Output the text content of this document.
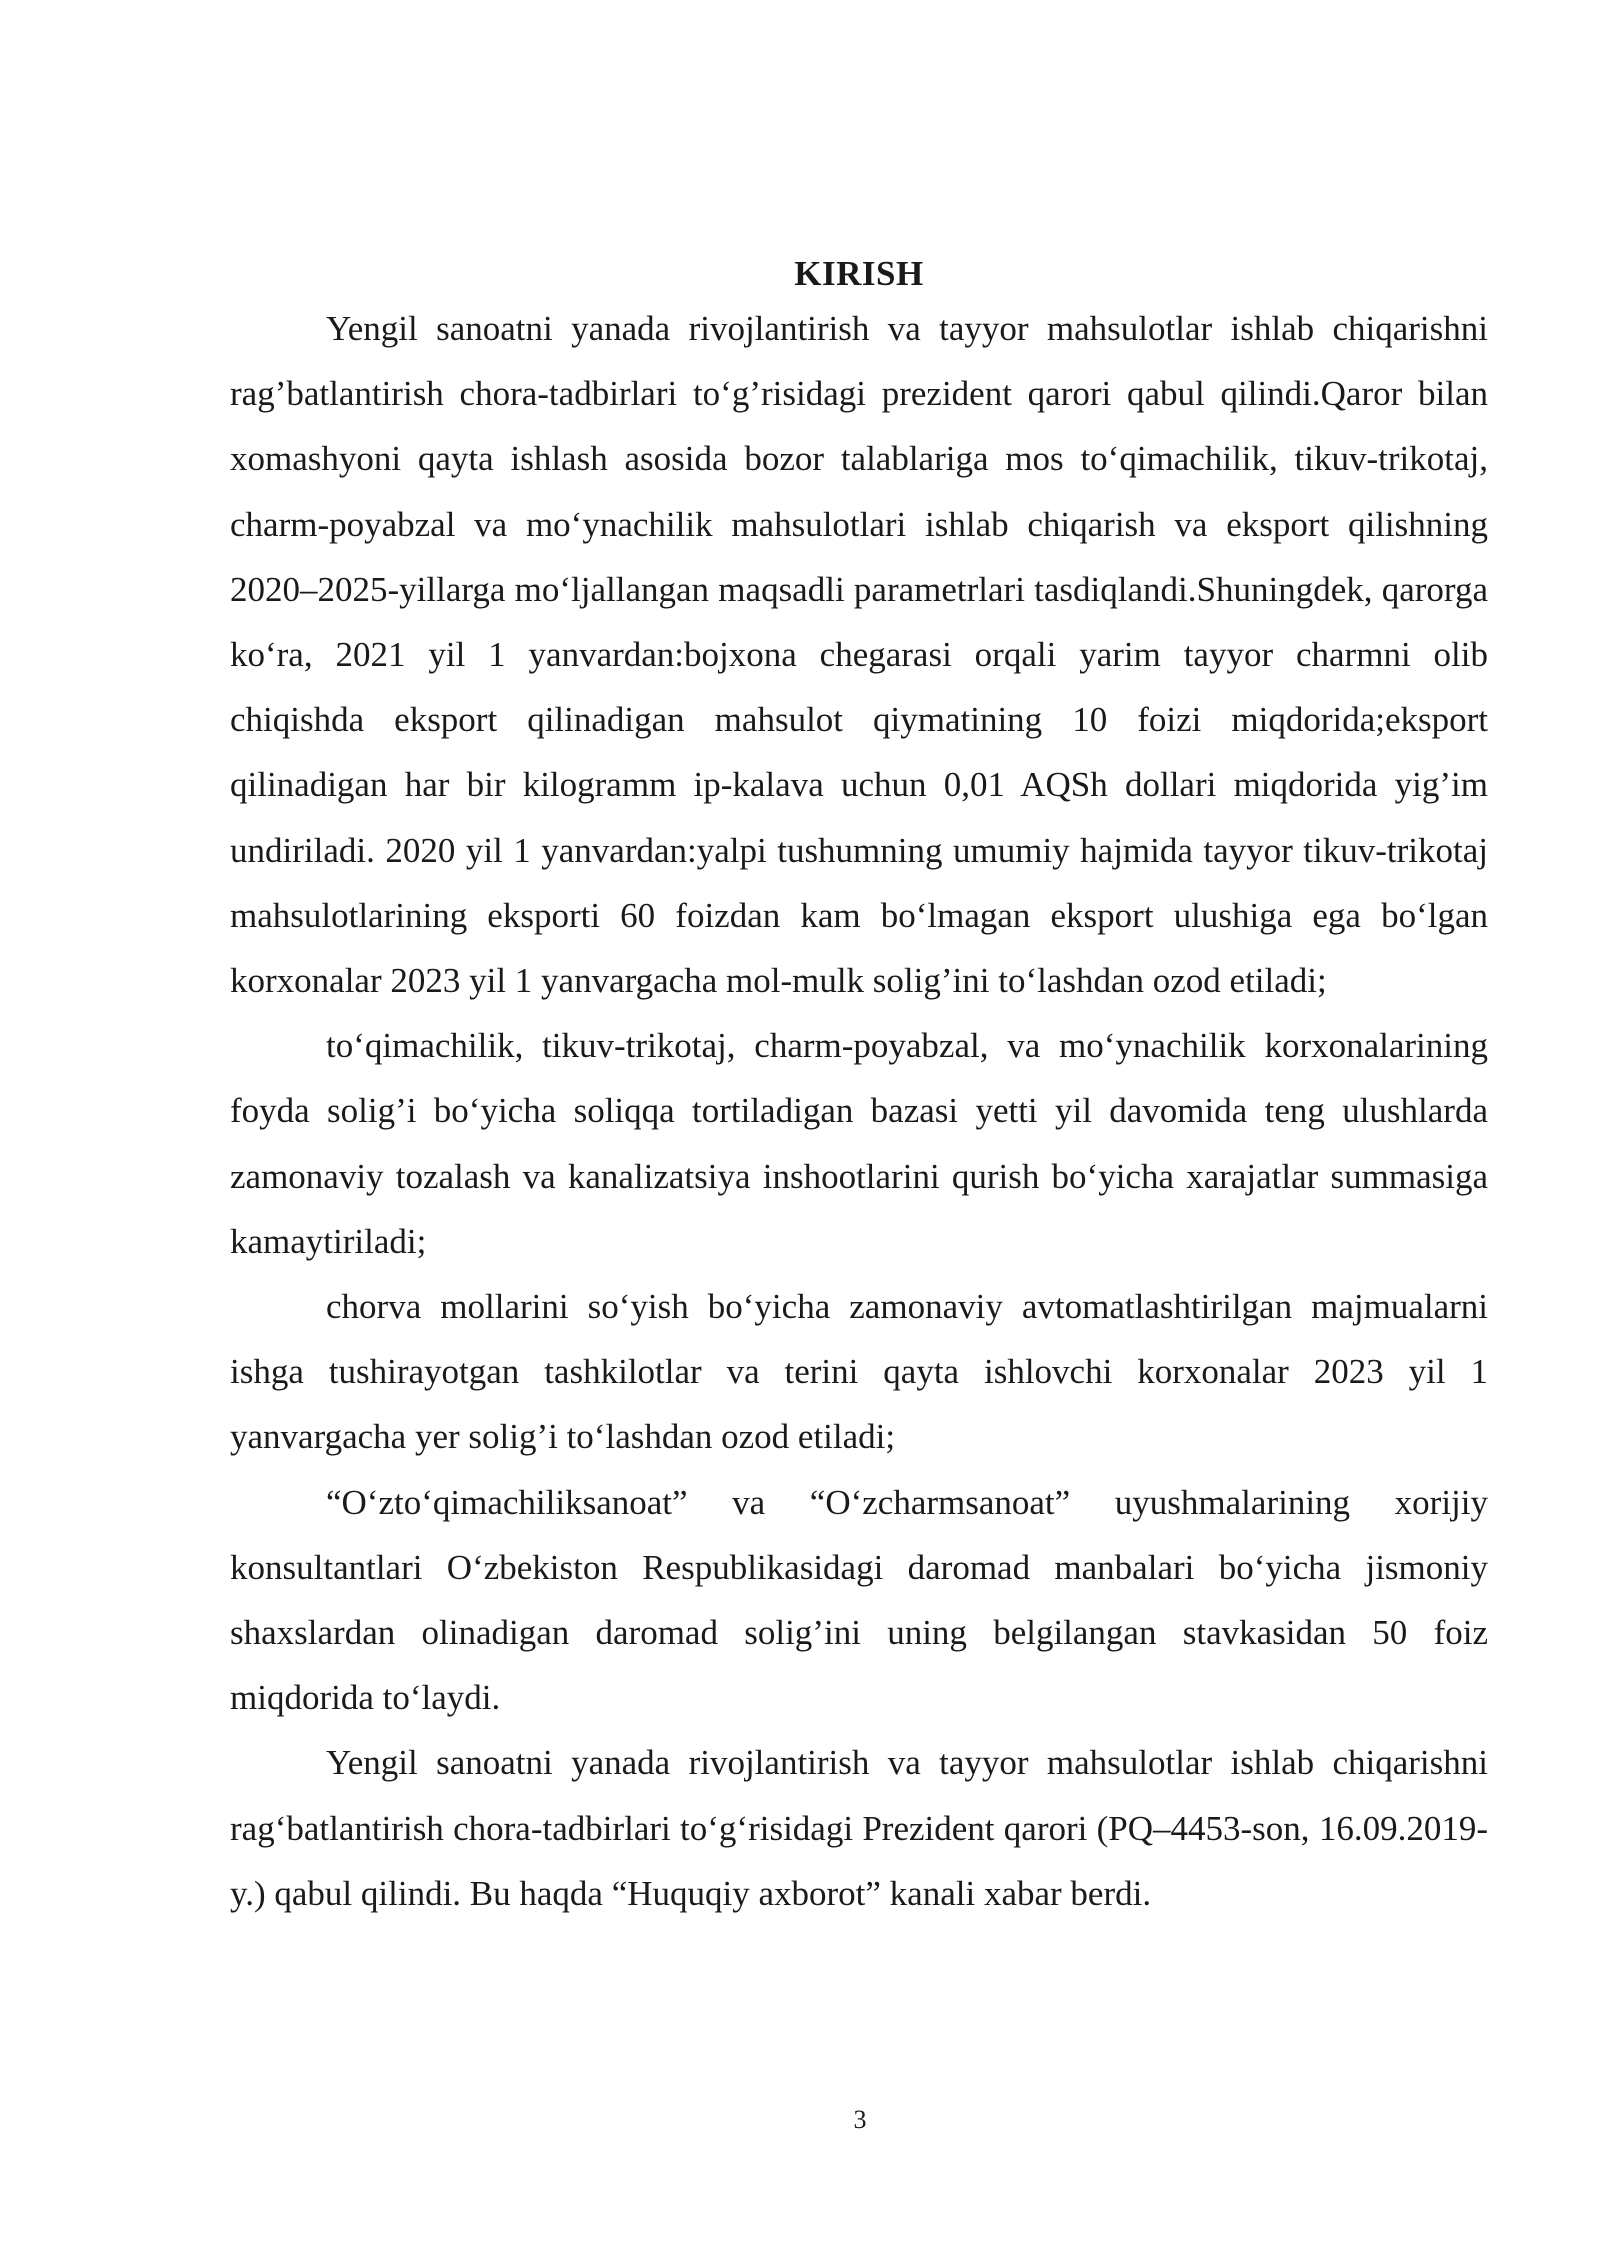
KIRISH

Yengil sanoatni yanada rivojlantirish va tayyor mahsulotlar ishlab chiqarishni rag’batlantirish chora-tadbirlari to‘g’risidagi prezident qarori qabul qilindi.Qaror bilan xomashyoni qayta ishlash asosida bozor talablariga mos to‘qimachilik, tikuv-trikotaj, charm-poyabzal va mo‘ynachilik mahsulotlari ishlab chiqarish va eksport qilishning 2020–2025-yillarga mo‘ljallangan maqsadli parametrlari tasdiqlandi.Shuningdek, qarorga ko‘ra, 2021 yil 1 yanvardan:bojxona chegarasi orqali yarim tayyor charmni olib chiqishda eksport qilinadigan mahsulot qiymatining 10 foizi miqdorida;eksport qilinadigan har bir kilogramm ip-kalava uchun 0,01 AQSh dollari miqdorida yig’im undiriladi. 2020 yil 1 yanvardan:yalpi tushumning umumiy hajmida tayyor tikuv-trikotaj mahsulotlarining eksporti 60 foizdan kam bo‘lmagan eksport ulushiga ega bo‘lgan korxonalar 2023 yil 1 yanvargacha mol-mulk solig’ini to‘lashdan ozod etiladi;

to‘qimachilik, tikuv-trikotaj, charm-poyabzal, va mo‘ynachilik korxonalarining foyda solig’i bo‘yicha soliqqa tortiladigan bazasi yetti yil davomida teng ulushlarda zamonaviy tozalash va kanalizatsiya inshootlarini qurish bo‘yicha xarajatlar summasiga kamaytiriladi;

chorva mollarini so‘yish bo‘yicha zamonaviy avtomatlashtirilgan majmualarni ishga tushirayotgan tashkilotlar va terini qayta ishlovchi korxonalar 2023 yil 1 yanvargacha yer solig’i to‘lashdan ozod etiladi;

“O‘zto‘qimachiliksanoat” va “O‘zcharmsanoat” uyushmalarining xorijiy konsultantlari O‘zbekiston Respublikasidagi daromad manbalari bo‘yicha jismoniy shaxslardan olinadigan daromad solig’ini uning belgilangan stavkasidan 50 foiz miqdorida to‘laydi.

Yengil sanoatni yanada rivojlantirish va tayyor mahsulotlar ishlab chiqarishni rag‘batlantirish chora-tadbirlari to‘g‘risidagi Prezident qarori (PQ–4453-son, 16.09.2019-y.) qabul qilindi. Bu haqda “Huquqiy axborot” kanali xabar berdi.

3
